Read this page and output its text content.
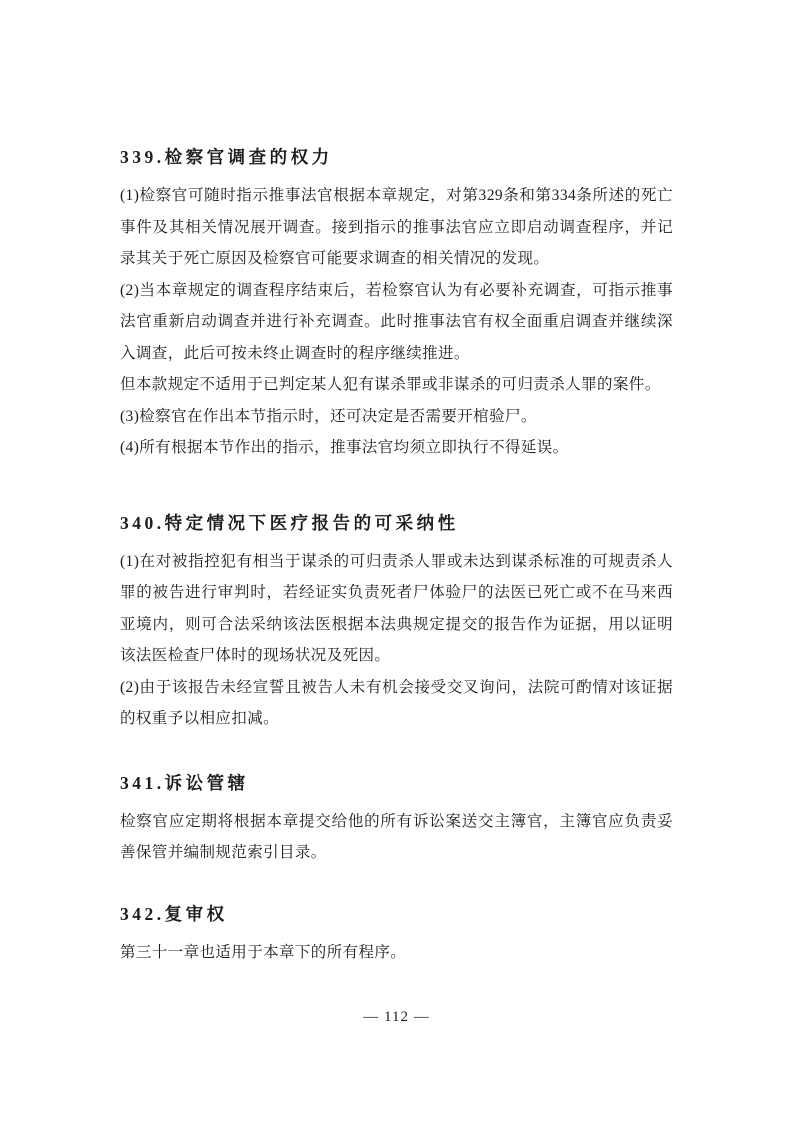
339.检察官调查的权力

(1)检察官可随时指示推事法官根据本章规定，对第329条和第334条所述的死亡事件及其相关情况展开调查。接到指示的推事法官应立即启动调查程序，并记录其关于死亡原因及检察官可能要求调查的相关情况的发现。

(2)当本章规定的调查程序结束后，若检察官认为有必要补充调查，可指示推事法官重新启动调查并进行补充调查。此时推事法官有权全面重启调查并继续深入调查，此后可按未终止调查时的程序继续推进。

但本款规定不适用于已判定某人犯有谋杀罪或非谋杀的可归责杀人罪的案件。

(3)检察官在作出本节指示时，还可决定是否需要开棺验尸。

(4)所有根据本节作出的指示，推事法官均须立即执行不得延误。

340.特定情况下医疗报告的可采纳性

(1)在对被指控犯有相当于谋杀的可归责杀人罪或未达到谋杀标准的可规责杀人罪的被告进行审判时，若经证实负责死者尸体验尸的法医已死亡或不在马来西亚境内，则可合法采纳该法医根据本法典规定提交的报告作为证据，用以证明该法医检查尸体时的现场状况及死因。

(2)由于该报告未经宣誓且被告人未有机会接受交叉询问，法院可酌情对该证据的权重予以相应扣减。

341.诉讼管辖

检察官应定期将根据本章提交给他的所有诉讼案送交主簿官，主簿官应负责妥善保管并编制规范索引目录。

342.复审权

第三十一章也适用于本章下的所有程序。

— 112 —
